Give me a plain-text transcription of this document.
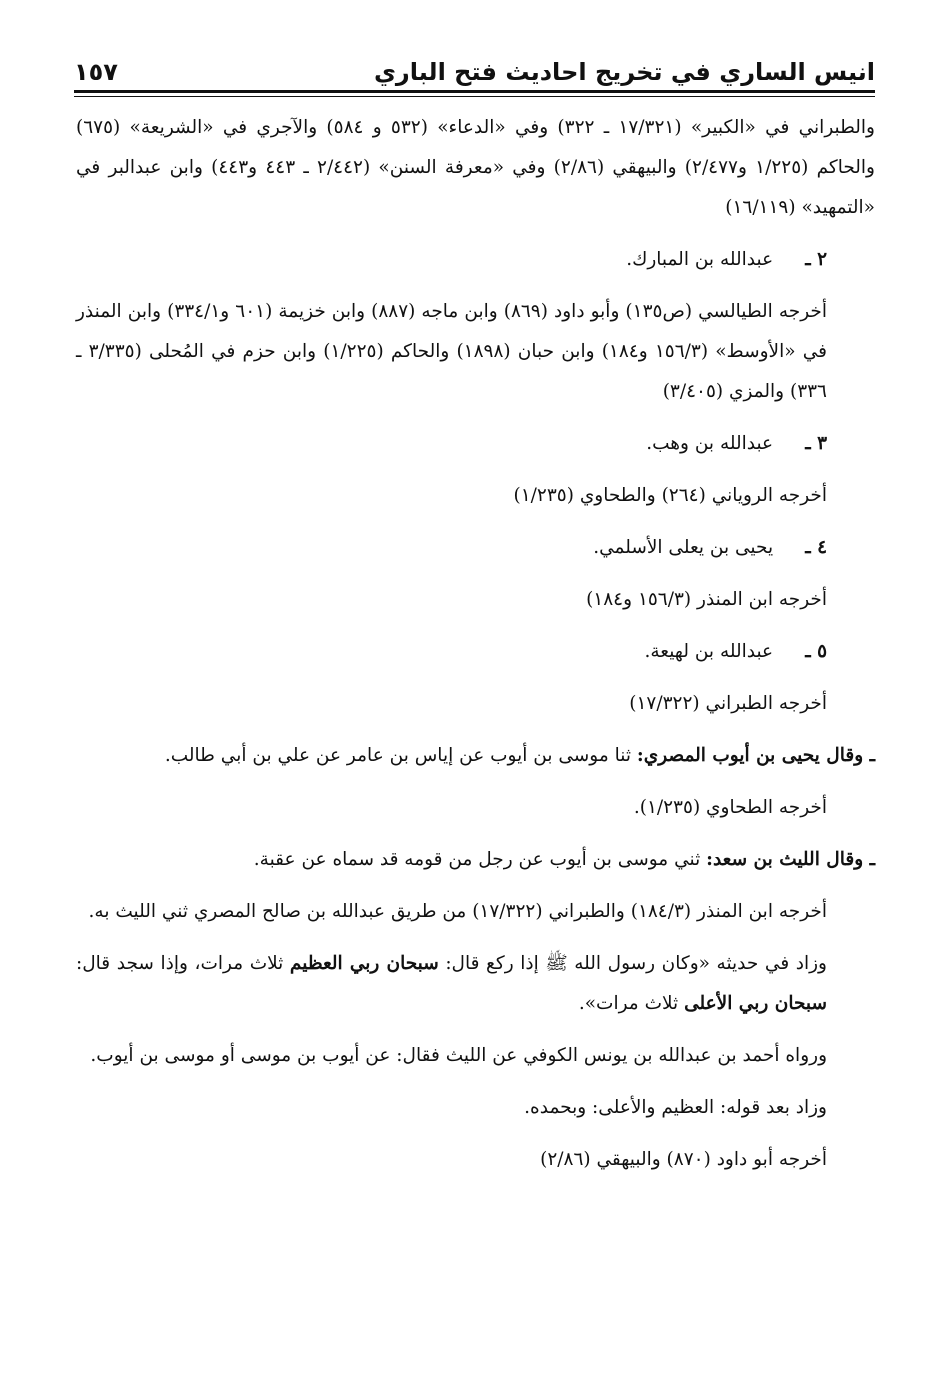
انيس الساري في تخريج احاديث فتح الباري
١٥٧

والطبراني في «الكبير» (١٧/٣٢١ ـ ٣٢٢) وفي «الدعاء» (٥٣٢ و ٥٨٤) والآجري في «الشريعة» (٦٧٥) والحاكم (١/٢٢٥ و٢/٤٧٧) والبيهقي (٢/٨٦) وفي «معرفة السنن» (٢/٤٤٢ ـ ٤٤٣ و٤٤٣) وابن عبدالبر في «التمهيد» (١٦/١١٩)

٢ ـ عبدالله بن المبارك.

أخرجه الطيالسي (ص١٣٥) وأبو داود (٨٦٩) وابن ماجه (٨٨٧) وابن خزيمة (٦٠١ و٣٣٤/١) وابن المنذر في «الأوسط» (١٥٦/٣ و١٨٤) وابن حبان (١٨٩٨) والحاكم (١/٢٢٥) وابن حزم في المُحلى (٣/٣٣٥ ـ ٣٣٦) والمزي (٣/٤٠٥)

٣ ـ عبدالله بن وهب.

أخرجه الروياني (٢٦٤) والطحاوي (١/٢٣٥)

٤ ـ يحيى بن يعلى الأسلمي.

أخرجه ابن المنذر (١٥٦/٣ و١٨٤)

٥ ـ عبدالله بن لهيعة.

أخرجه الطبراني (١٧/٣٢٢)

ـ وقال يحيى بن أيوب المصري: ثنا موسى بن أيوب عن إياس بن عامر عن علي بن أبي طالب.

أخرجه الطحاوي (١/٢٣٥).

ـ وقال الليث بن سعد: ثني موسى بن أيوب عن رجل من قومه قد سماه عن عقبة.

أخرجه ابن المنذر (١٨٤/٣) والطبراني (١٧/٣٢٢) من طريق عبدالله بن صالح المصري ثني الليث به.

وزاد في حديثه «وكان رسول الله ﷺ إذا ركع قال: سبحان ربي العظيم ثلاث مرات، وإذا سجد قال: سبحان ربي الأعلى ثلاث مرات».

ورواه أحمد بن عبدالله بن يونس الكوفي عن الليث فقال: عن أيوب بن موسى أو موسى بن أيوب.

وزاد بعد قوله: العظيم والأعلى: وبحمده.

أخرجه أبو داود (٨٧٠) والبيهقي (٢/٨٦)
